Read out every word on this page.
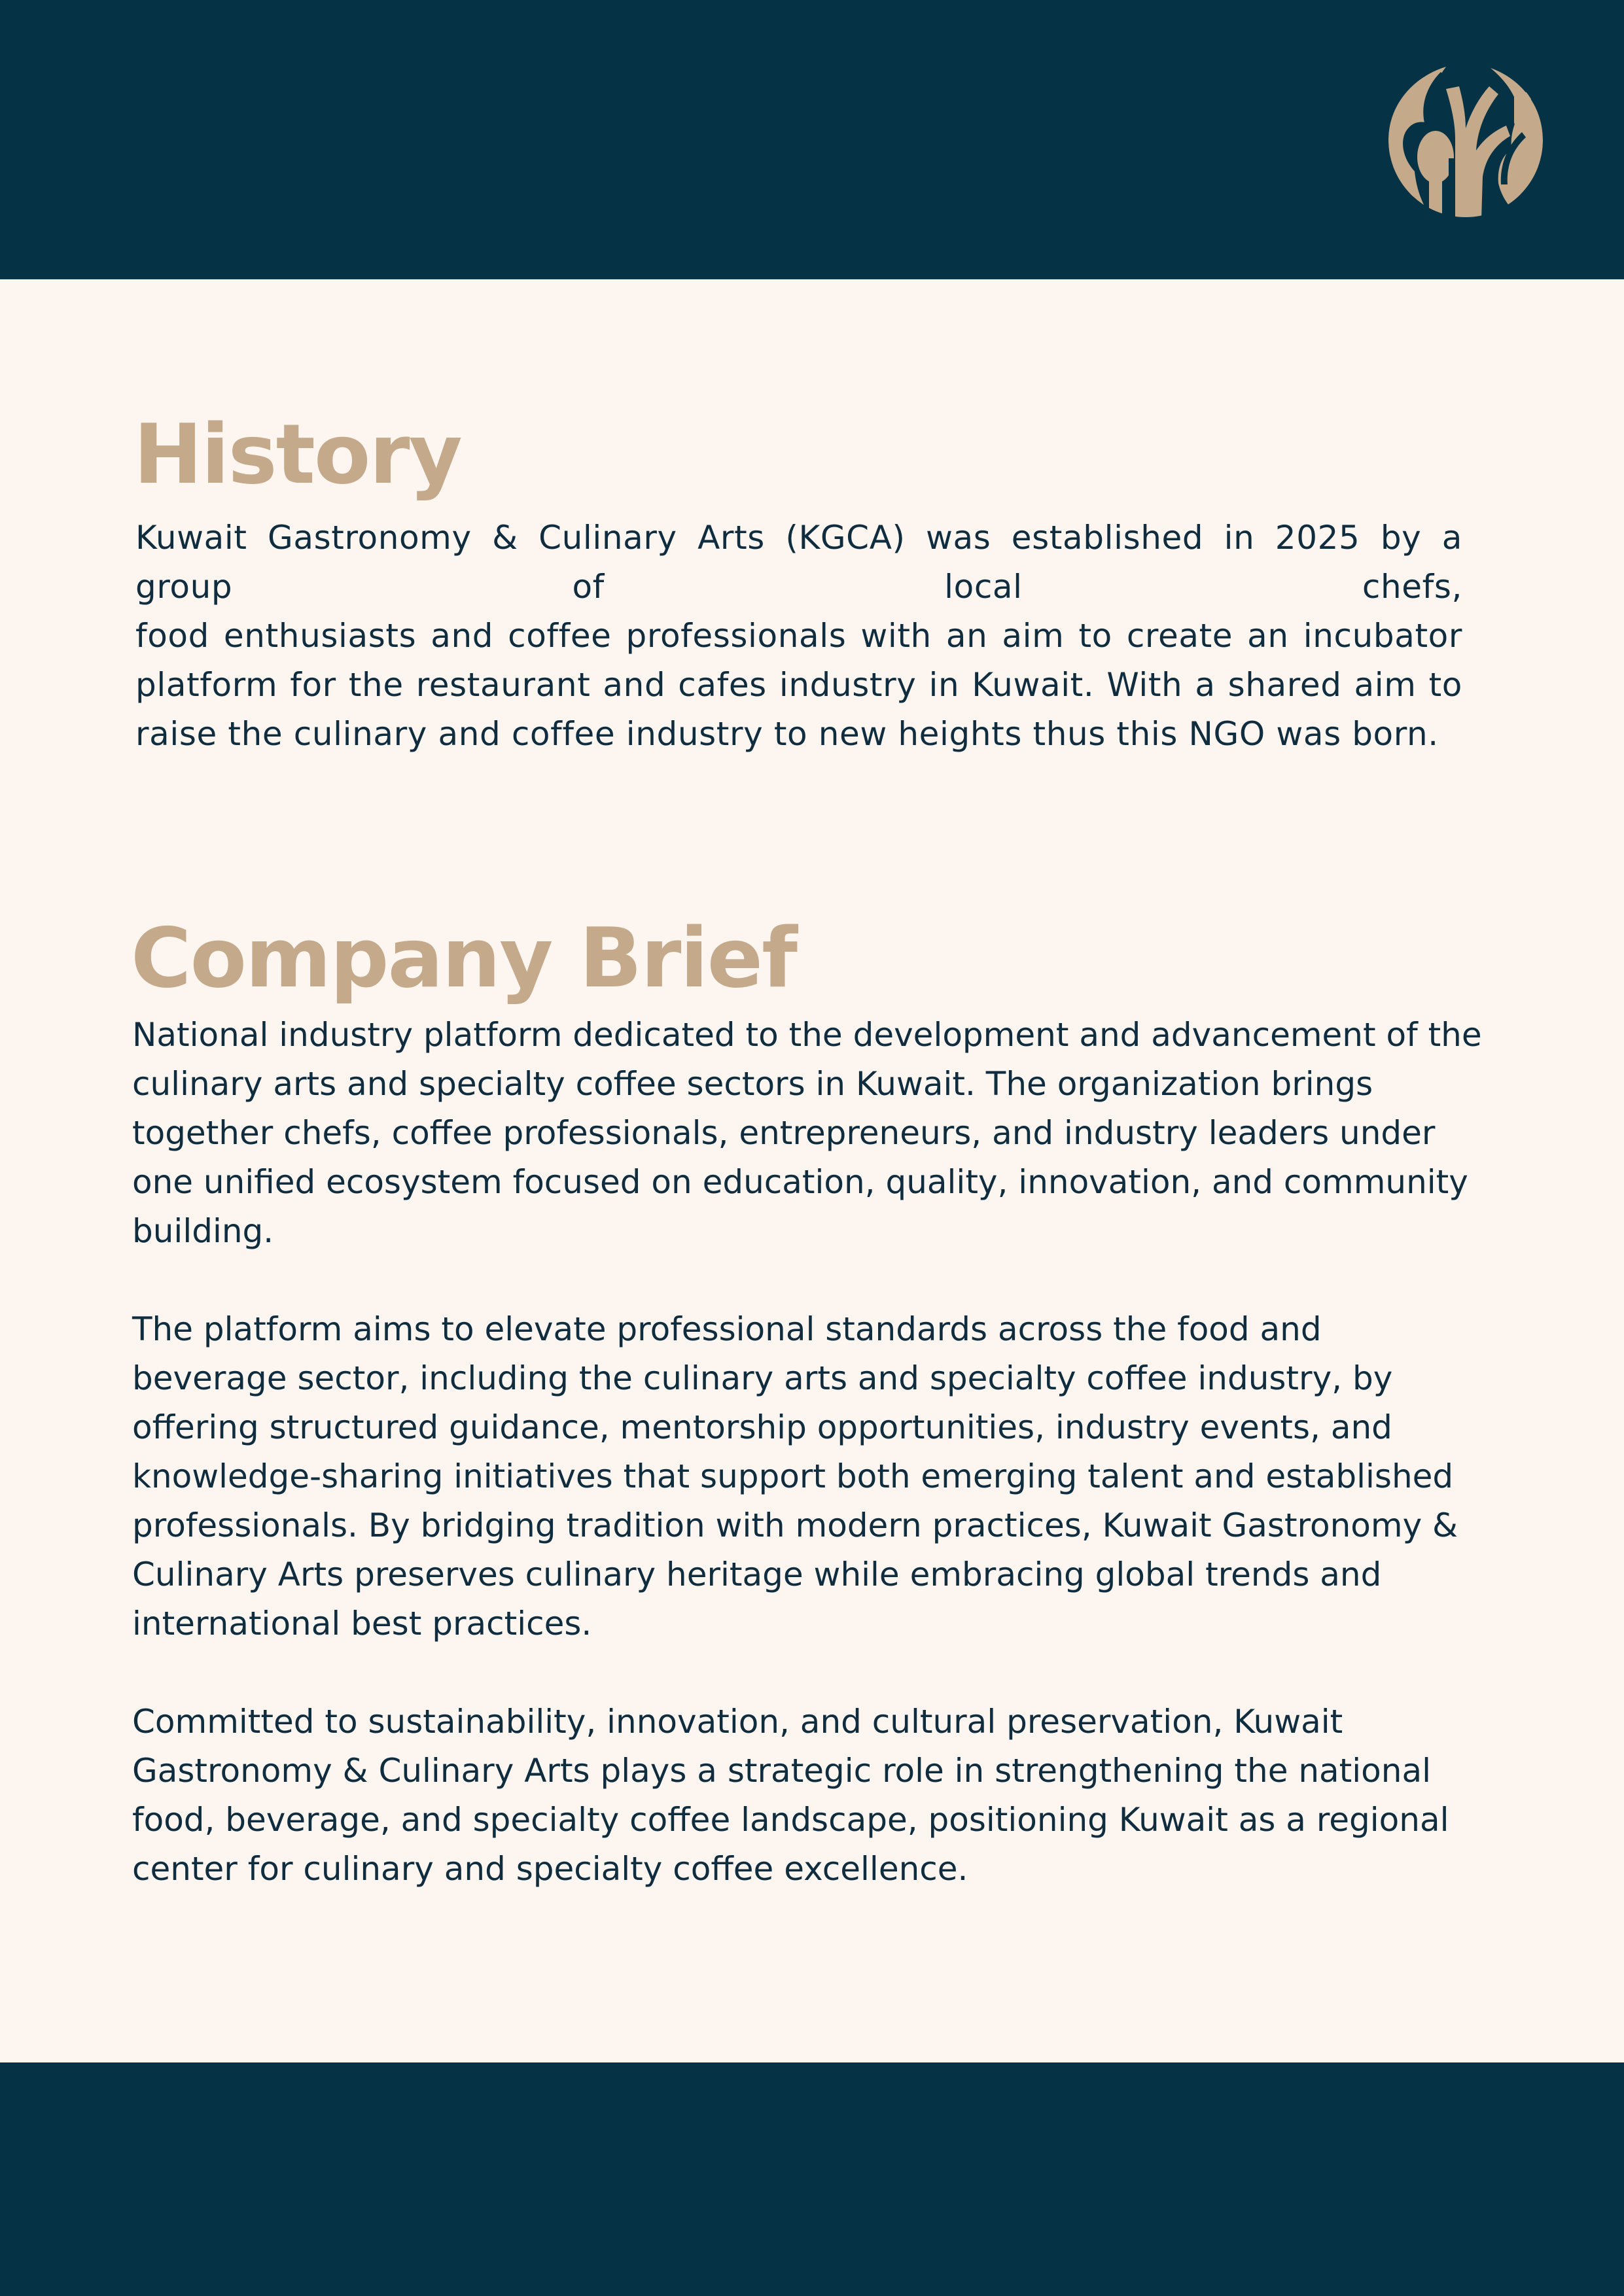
History
Kuwait Gastronomy & Culinary Arts (KGCA) was established in 2025 by a group of local chefs,
food enthusiasts and coffee professionals with an aim to create an incubator platform for the restaurant and cafes industry in Kuwait. With a shared aim to raise the culinary and coffee industry to new heights thus this NGO was born.
Company Brief

National industry platform dedicated to the development and advancement of the culinary arts and specialty coffee sectors in Kuwait. The organization brings together chefs, coffee professionals, entrepreneurs, and industry leaders under one unified ecosystem focused on education, quality, innovation, and community building.

The platform aims to elevate professional standards across the food and beverage sector, including the culinary arts and specialty coffee industry, by offering structured guidance, mentorship opportunities, industry events, and knowledge-sharing initiatives that support both emerging talent and established professionals. By bridging tradition with modern practices, Kuwait Gastronomy & Culinary Arts preserves culinary heritage while embracing global trends and international best practices.

Committed to sustainability, innovation, and cultural preservation, Kuwait Gastronomy & Culinary Arts plays a strategic role in strengthening the national food, beverage, and specialty coffee landscape, positioning Kuwait as a regional center for culinary and specialty coffee excellence.
